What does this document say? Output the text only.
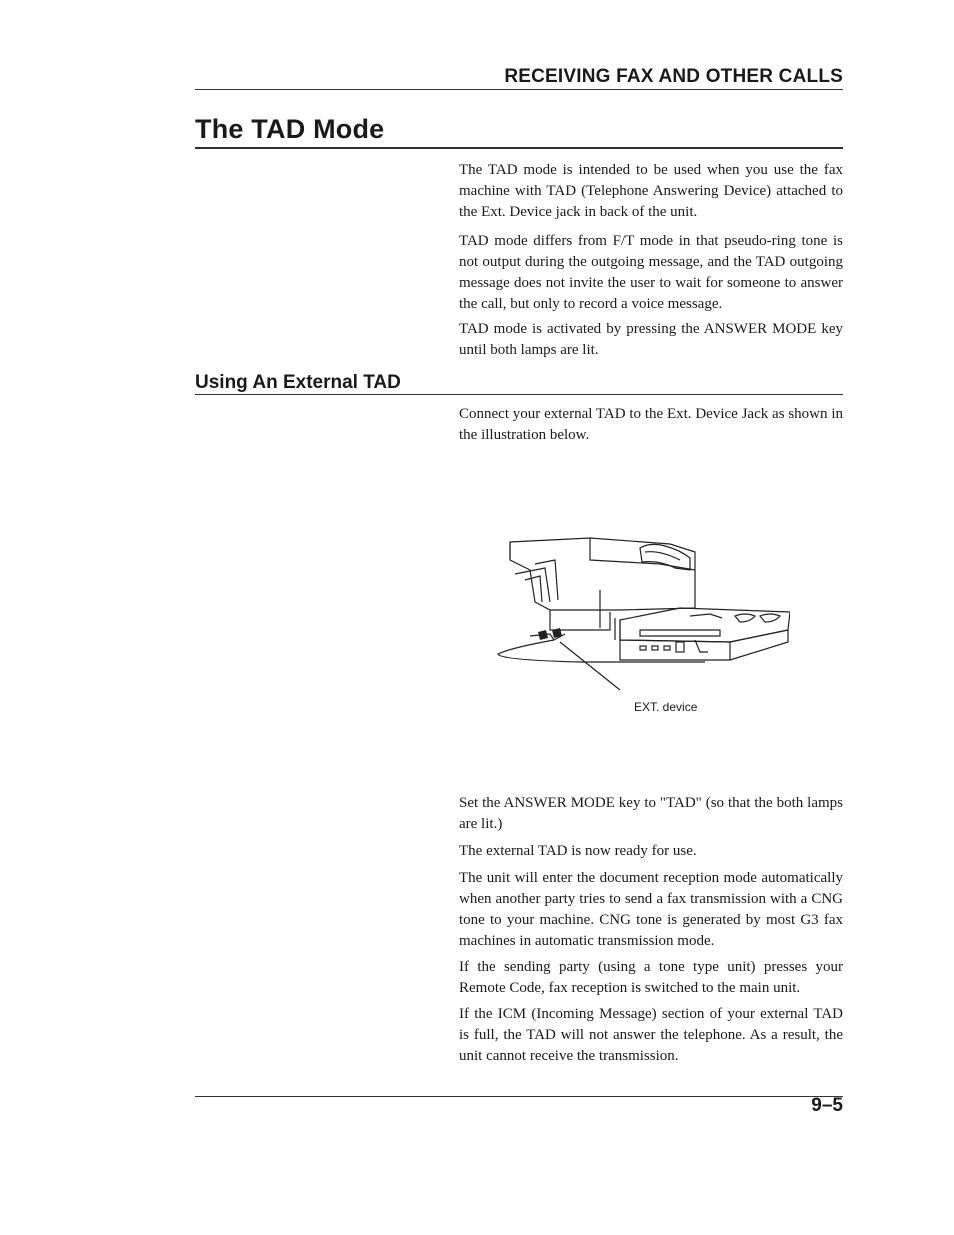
RECEIVING FAX AND OTHER CALLS
The TAD Mode
The TAD mode is intended to be used when you use the fax machine with TAD (Telephone Answering Device) attached to the Ext. Device jack in back of the unit.
TAD mode differs from F/T mode in that pseudo-ring tone is not output during the outgoing message, and the TAD outgoing message does not invite the user to wait for someone to answer the call, but only to record a voice message.
TAD mode is activated by pressing the ANSWER MODE key until both lamps are lit.
Using An External TAD
Connect your external TAD to the Ext. Device Jack as shown in the illustration below.
EXT. device
Set the ANSWER MODE key to "TAD" (so that the both lamps are lit.)
The external TAD is now ready for use.
The unit will enter the document reception mode automatically when another party tries to send a fax transmission with a CNG tone to your machine. CNG tone is generated by most G3 fax machines in automatic transmission mode.
If the sending party (using a tone type unit) presses your Remote Code, fax reception is switched to the main unit.
If the ICM (Incoming Message) section of your external TAD is full, the TAD will not answer the telephone. As a result, the unit cannot receive the transmission.
9–5
